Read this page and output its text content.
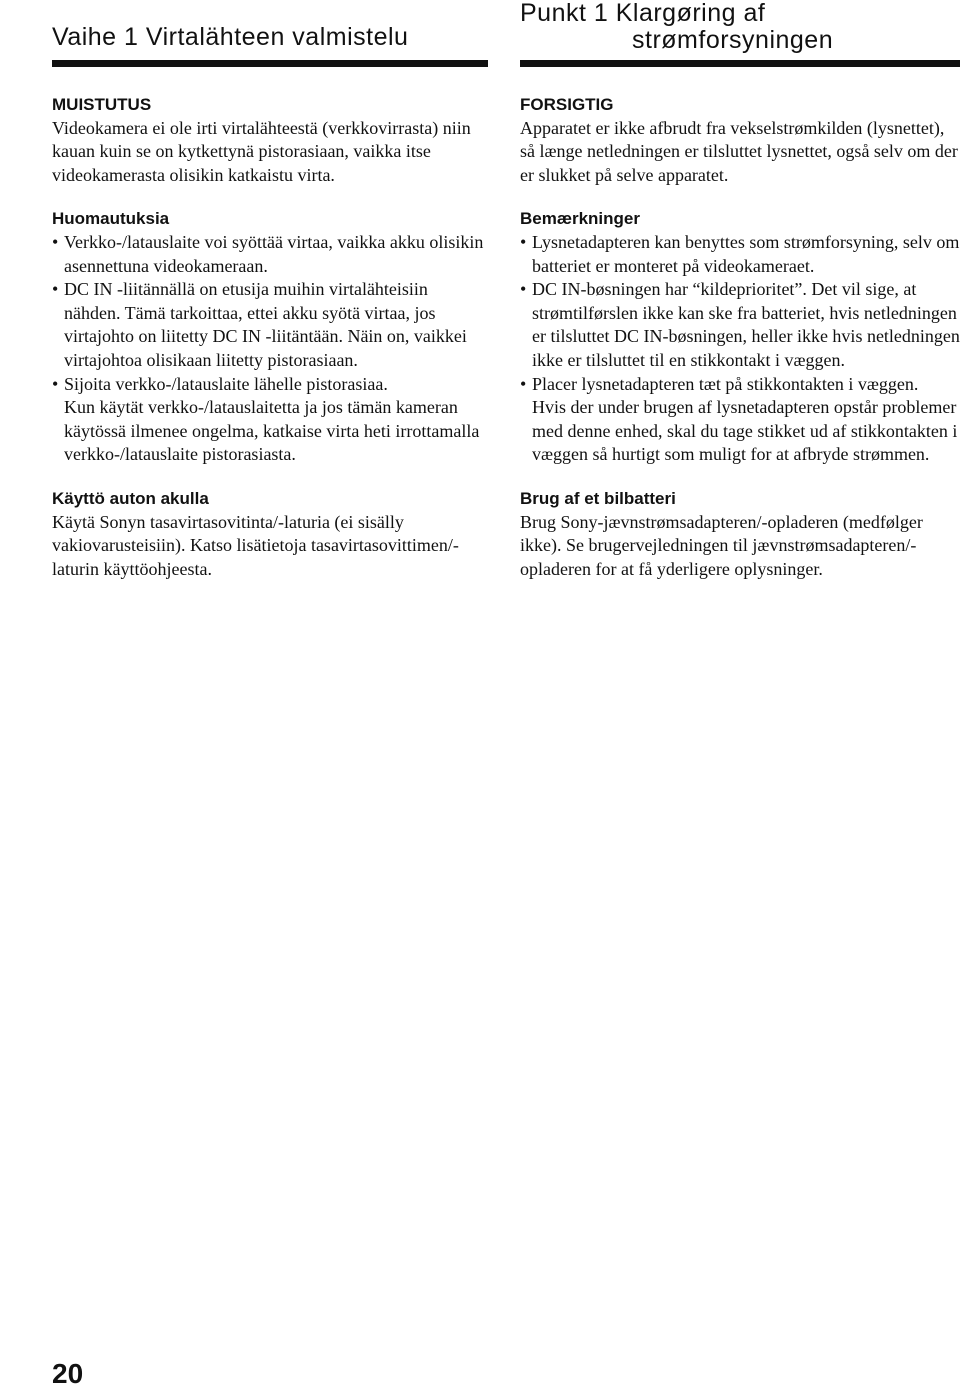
Vaihe 1 Virtalähteen valmistelu
MUISTUTUS

Videokamera ei ole irti virtalähteestä (verkkovirrasta) niin kauan kuin se on kytkettynä pistorasiaan, vaikka itse videokamerasta olisikin katkaistu virta.

Huomautuksia
• Verkko-/latauslaite voi syöttää virtaa, vaikka akku olisikin asennettuna videokameraan.
• DC IN -liitännällä on etusija muihin virtalähteisiin nähden. Tämä tarkoittaa, ettei akku syötä virtaa, jos virtajohto on liitetty DC IN -liitäntään. Näin on, vaikkei virtajohtoa olisikaan liitetty pistorasiaan.
• Sijoita verkko-/latauslaite lähelle pistorasiaa.
Kun käytät verkko-/latauslaitetta ja jos tämän kameran käytössä ilmenee ongelma, katkaise virta heti irrottamalla verkko-/latauslaite pistorasiasta.
Käyttö auton akulla

Käytä Sonyn tasavirtasovitinta/-laturia (ei sisälly vakiovarusteisiin). Katso lisätietoja tasavirtasovittimen/-laturin käyttöohjeesta.

20
Punkt 1 Klargøring af
strømforsyningen
FORSIGTIG

Apparatet er ikke afbrudt fra vekselstrømkilden (lysnettet), så længe netledningen er tilsluttet lysnettet, også selv om der er slukket på selve apparatet.

Bemærkninger
• Lysnetadapteren kan benyttes som strømforsyning, selv om batteriet er monteret på videokameraet.
• DC IN-bøsningen har “kildeprioritet”. Det vil sige, at strømtilførslen ikke kan ske fra batteriet, hvis netledningen er tilsluttet DC IN-bøsningen, heller ikke hvis netledningen ikke er tilsluttet til en stikkontakt i væggen.
• Placer lysnetadapteren tæt på stikkontakten i væggen.
Hvis der under brugen af lysnetadapteren opstår problemer med denne enhed, skal du tage stikket ud af stikkontakten i væggen så hurtigt som muligt for at afbryde strømmen.
Brug af et bilbatteri

Brug Sony-jævnstrømsadapteren/-opladeren (medfølger ikke). Se brugervejledningen til jævnstrømsadapteren/-opladeren for at få yderligere oplysninger.
